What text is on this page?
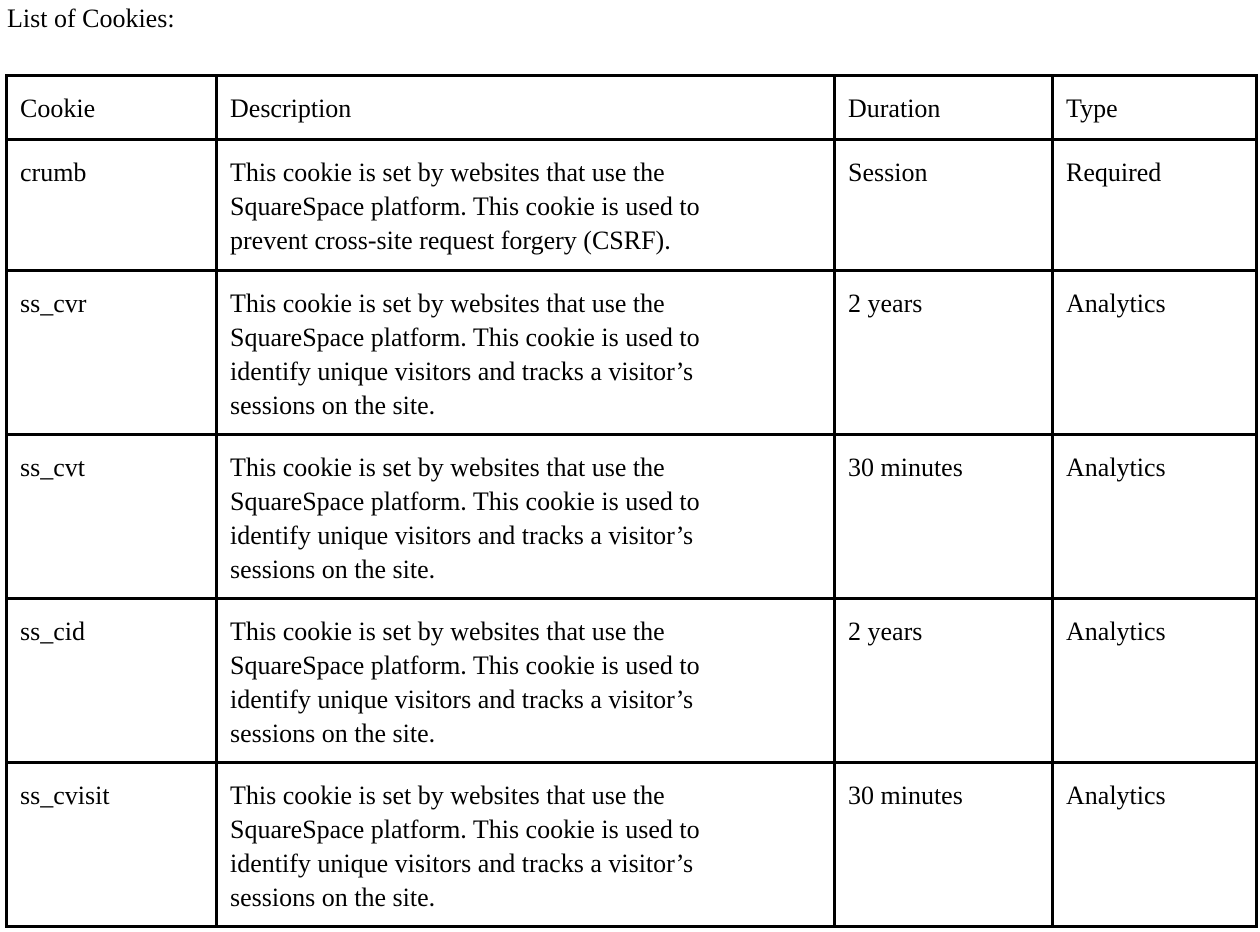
List of Cookies:
Cookie	Description	Duration	Type
crumb	This cookie is set by websites that use the
SquareSpace platform. This cookie is used to
prevent cross-site request forgery (CSRF).	Session	Required
ss_cvr	This cookie is set by websites that use the
SquareSpace platform. This cookie is used to
identify unique visitors and tracks a visitor’s
sessions on the site.	2 years	Analytics
ss_cvt	This cookie is set by websites that use the
SquareSpace platform. This cookie is used to
identify unique visitors and tracks a visitor’s
sessions on the site.	30 minutes	Analytics
ss_cid	This cookie is set by websites that use the
SquareSpace platform. This cookie is used to
identify unique visitors and tracks a visitor’s
sessions on the site.	2 years	Analytics
ss_cvisit	This cookie is set by websites that use the
SquareSpace platform. This cookie is used to
identify unique visitors and tracks a visitor’s
sessions on the site.	30 minutes	Analytics
